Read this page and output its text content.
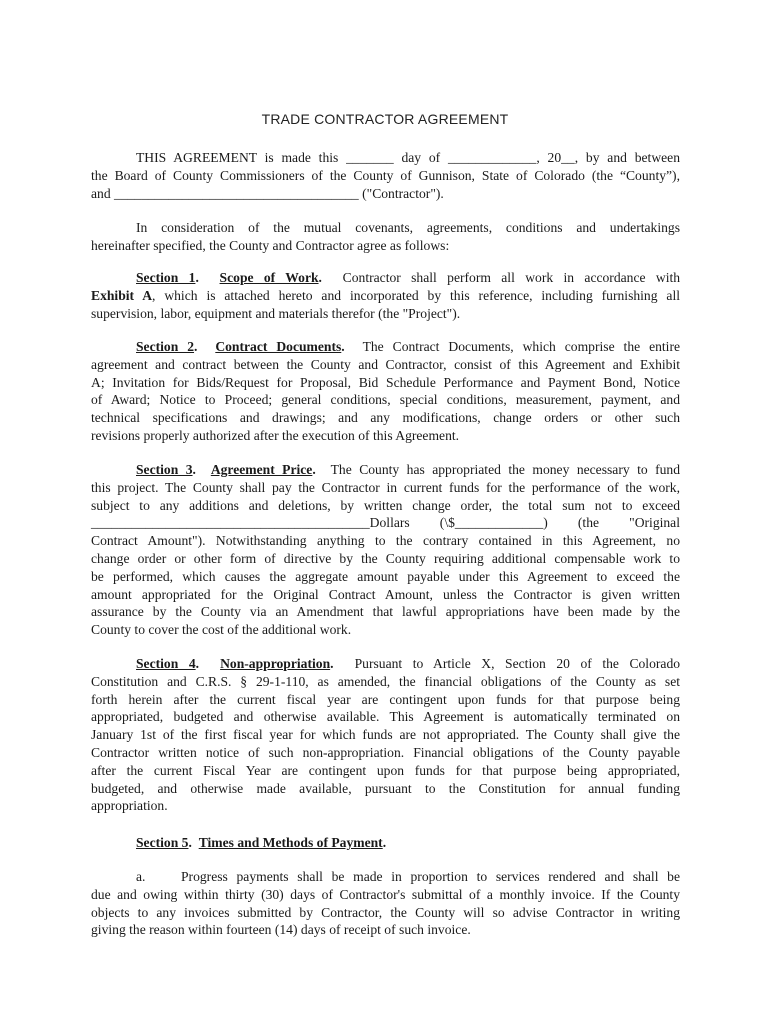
TRADE CONTRACTOR AGREEMENT
THIS AGREEMENT is made this _______ day of _____________, 20__, by and between
the Board of County Commissioners of the County of Gunnison, State of Colorado (the “County”),
and ____________________________________ ("Contractor").
In consideration of the mutual covenants, agreements, conditions and undertakings
hereinafter specified, the County and Contractor agree as follows:
Section 1. Scope of Work. Contractor shall perform all work in accordance with
Exhibit A, which is attached hereto and incorporated by this reference, including furnishing all
supervision, labor, equipment and materials therefor (the "Project").
Section 2. Contract Documents. The Contract Documents, which comprise the entire
agreement and contract between the County and Contractor, consist of this Agreement and Exhibit
A; Invitation for Bids/Request for Proposal, Bid Schedule Performance and Payment Bond, Notice
of Award; Notice to Proceed; general conditions, special conditions, measurement, payment, and
technical specifications and drawings; and any modifications, change orders or other such
revisions properly authorized after the execution of this Agreement.
Section 3. Agreement Price. The County has appropriated the money necessary to fund
this project. The County shall pay the Contractor in current funds for the performance of the work,
subject to any additions and deletions, by written change order, the total sum not to exceed
_________________________________________Dollars (\$_____________) (the "Original
Contract Amount"). Notwithstanding anything to the contrary contained in this Agreement, no
change order or other form of directive by the County requiring additional compensable work to
be performed, which causes the aggregate amount payable under this Agreement to exceed the
amount appropriated for the Original Contract Amount, unless the Contractor is given written
assurance by the County via an Amendment that lawful appropriations have been made by the
County to cover the cost of the additional work.
Section 4. Non-appropriation. Pursuant to Article X, Section 20 of the Colorado
Constitution and C.R.S. § 29-1-110, as amended, the financial obligations of the County as set
forth herein after the current fiscal year are contingent upon funds for that purpose being
appropriated, budgeted and otherwise available. This Agreement is automatically terminated on
January 1st of the first fiscal year for which funds are not appropriated. The County shall give the
Contractor written notice of such non-appropriation. Financial obligations of the County payable
after the current Fiscal Year are contingent upon funds for that purpose being appropriated,
budgeted, and otherwise made available, pursuant to the Constitution for annual funding
appropriation.
Section 5. Times and Methods of Payment.
a.	Progress payments shall be made in proportion to services rendered and shall be
due and owing within thirty (30) days of Contractor's submittal of a monthly invoice. If the County
objects to any invoices submitted by Contractor, the County will so advise Contractor in writing
giving the reason within fourteen (14) days of receipt of such invoice.
